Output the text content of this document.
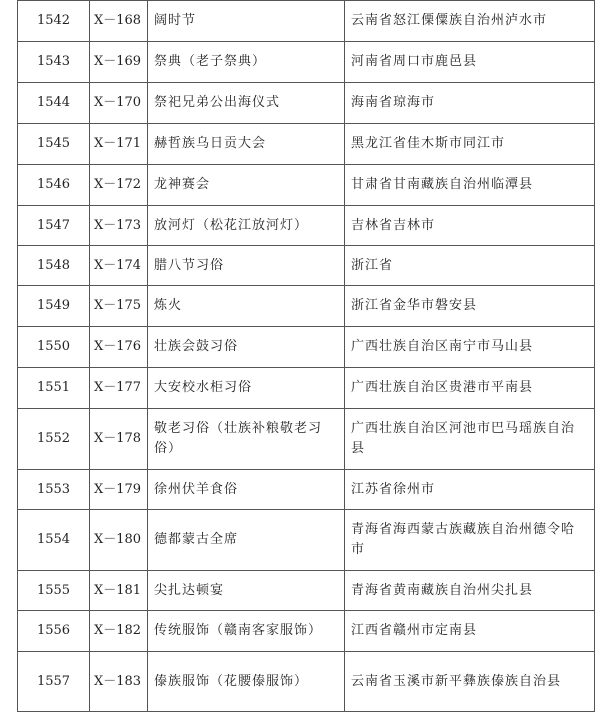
1542	Ⅹ－168	阔时节	云南省怒江傈僳族自治州泸水市
1543	Ⅹ－169	祭典（老子祭典）	河南省周口市鹿邑县
1544	Ⅹ－170	祭祀兄弟公出海仪式	海南省琼海市
1545	Ⅹ－171	赫哲族乌日贡大会	黑龙江省佳木斯市同江市
1546	Ⅹ－172	龙神赛会	甘肃省甘南藏族自治州临潭县
1547	Ⅹ－173	放河灯（松花江放河灯）	吉林省吉林市
1548	Ⅹ－174	腊八节习俗	浙江省
1549	Ⅹ－175	炼火	浙江省金华市磐安县
1550	Ⅹ－176	壮族会鼓习俗	广西壮族自治区南宁市马山县
1551	Ⅹ－177	大安校水柜习俗	广西壮族自治区贵港市平南县
1552	Ⅹ－178	敬老习俗（壮族补粮敬老习俗）	广西壮族自治区河池市巴马瑶族自治县
1553	Ⅹ－179	徐州伏羊食俗	江苏省徐州市
1554	Ⅹ－180	德都蒙古全席	青海省海西蒙古族藏族自治州德令哈市
1555	Ⅹ－181	尖扎达顿宴	青海省黄南藏族自治州尖扎县
1556	Ⅹ－182	传统服饰（赣南客家服饰）	江西省赣州市定南县
1557	Ⅹ－183	傣族服饰（花腰傣服饰）	云南省玉溪市新平彝族傣族自治县
